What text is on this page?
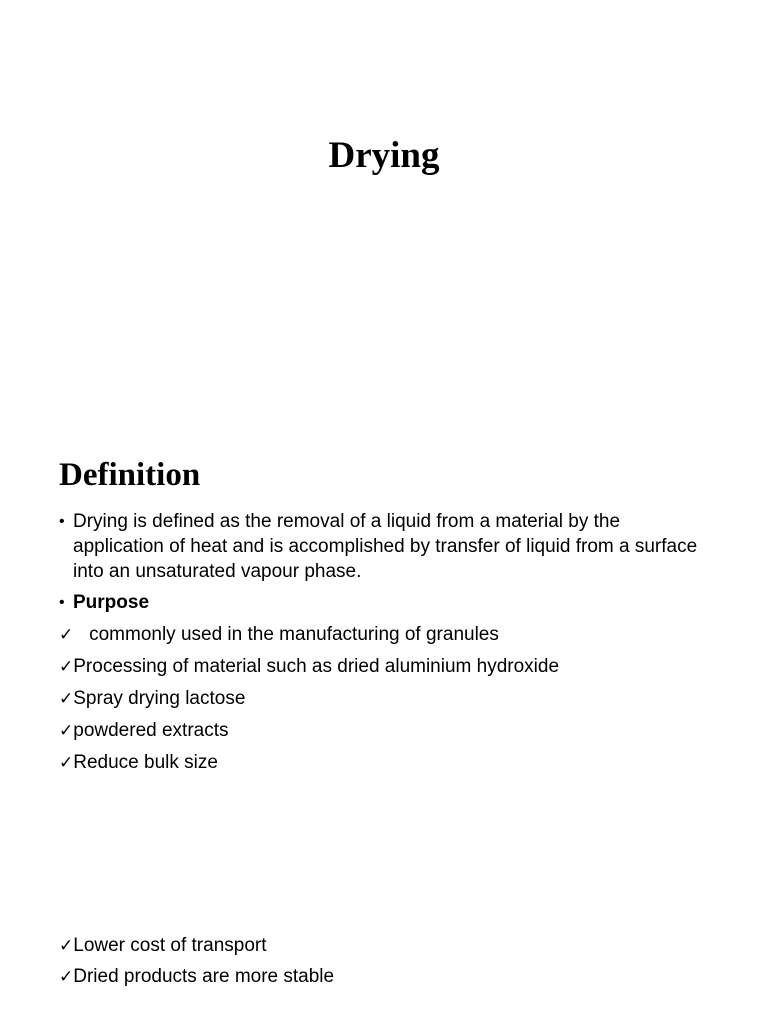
Drying
Definition
• Drying is defined as the removal of a liquid from a material by the application of heat and is accomplished by transfer of liquid from a surface into an unsaturated vapour phase.
• Purpose
✓ commonly used in the manufacturing of granules
✓Processing of material such as dried aluminium hydroxide
✓Spray drying lactose
✓powdered extracts
✓Reduce bulk size
✓Lower cost of transport
✓Dried products are more stable
